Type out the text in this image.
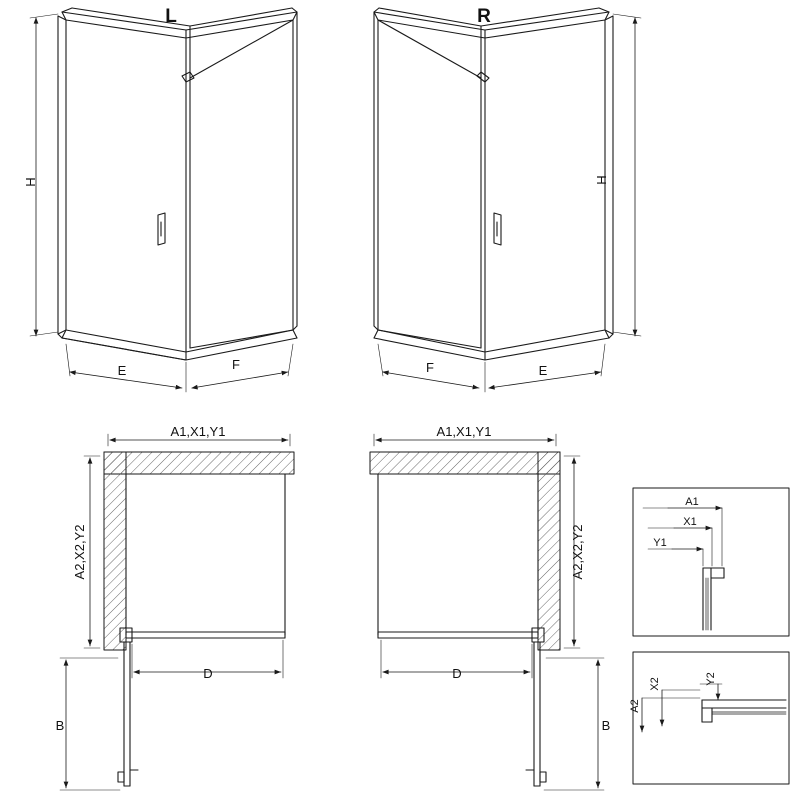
L	R
H
E	F
H
F	E
A1,X1,Y1
A2,X2,Y2
D
B
A1,X1,Y1
A2,X2,Y2
D
B
A1
X1
Y1
A2
X2	Y2
